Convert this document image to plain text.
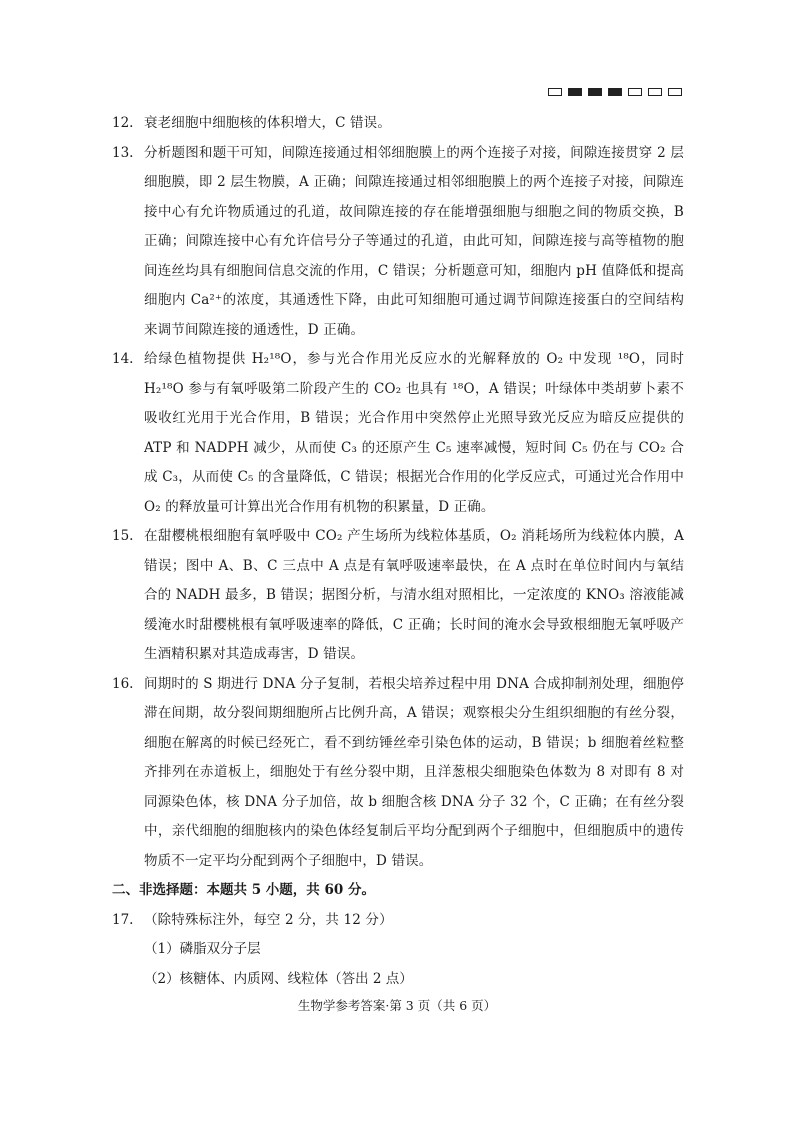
12. 衰老细胞中细胞核的体积增大，C 错误。
13. 分析题图和题干可知，间隙连接通过相邻细胞膜上的两个连接子对接，间隙连接贯穿 2 层细胞膜，即 2 层生物膜，A 正确；间隙连接通过相邻细胞膜上的两个连接子对接，间隙连接中心有允许物质通过的孔道，故间隙连接的存在能增强细胞与细胞之间的物质交换，B 正确；间隙连接中心有允许信号分子等通过的孔道，由此可知，间隙连接与高等植物的胞间连丝均具有细胞间信息交流的作用，C 错误；分析题意可知，细胞内 pH 值降低和提高细胞内 Ca²⁺的浓度，其通透性下降，由此可知细胞可通过调节间隙连接蛋白的空间结构来调节间隙连接的通透性，D 正确。
14. 给绿色植物提供 H₂¹⁸O，参与光合作用光反应水的光解释放的 O₂ 中发现 ¹⁸O，同时 H₂¹⁸O 参与有氧呼吸第二阶段产生的 CO₂ 也具有 ¹⁸O，A 错误；叶绿体中类胡萝卜素不吸收红光用于光合作用，B 错误；光合作用中突然停止光照导致光反应为暗反应提供的 ATP 和 NADPH 减少，从而使 C₃ 的还原产生 C₅ 速率减慢，短时间 C₅ 仍在与 CO₂ 合成 C₃，从而使 C₅ 的含量降低，C 错误；根据光合作用的化学反应式，可通过光合作用中 O₂ 的释放量可计算出光合作用有机物的积累量，D 正确。
15. 在甜樱桃根细胞有氧呼吸中 CO₂ 产生场所为线粒体基质，O₂ 消耗场所为线粒体内膜，A 错误；图中 A、B、C 三点中 A 点是有氧呼吸速率最快，在 A 点时在单位时间内与氧结合的 NADH 最多，B 错误；据图分析，与清水组对照相比，一定浓度的 KNO₃ 溶液能减缓淹水时甜樱桃根有氧呼吸速率的降低，C 正确；长时间的淹水会导致根细胞无氧呼吸产生酒精积累对其造成毒害，D 错误。
16. 间期时的 S 期进行 DNA 分子复制，若根尖培养过程中用 DNA 合成抑制剂处理，细胞停滞在间期，故分裂间期细胞所占比例升高，A 错误；观察根尖分生组织细胞的有丝分裂，细胞在解离的时候已经死亡，看不到纺锤丝牵引染色体的运动，B 错误；b 细胞着丝粒整齐排列在赤道板上，细胞处于有丝分裂中期，且洋葱根尖细胞染色体数为 8 对即有 8 对同源染色体，核 DNA 分子加倍，故 b 细胞含核 DNA 分子 32 个，C 正确；在有丝分裂中，亲代细胞的细胞核内的染色体经复制后平均分配到两个子细胞中，但细胞质中的遗传物质不一定平均分配到两个子细胞中，D 错误。

二、非选择题：本题共 5 小题，共 60 分。

17. （除特殊标注外，每空 2 分，共 12 分）

（1）磷脂双分子层

（2）核糖体、内质网、线粒体（答出 2 点）

生物学参考答案·第 3 页（共 6 页）
